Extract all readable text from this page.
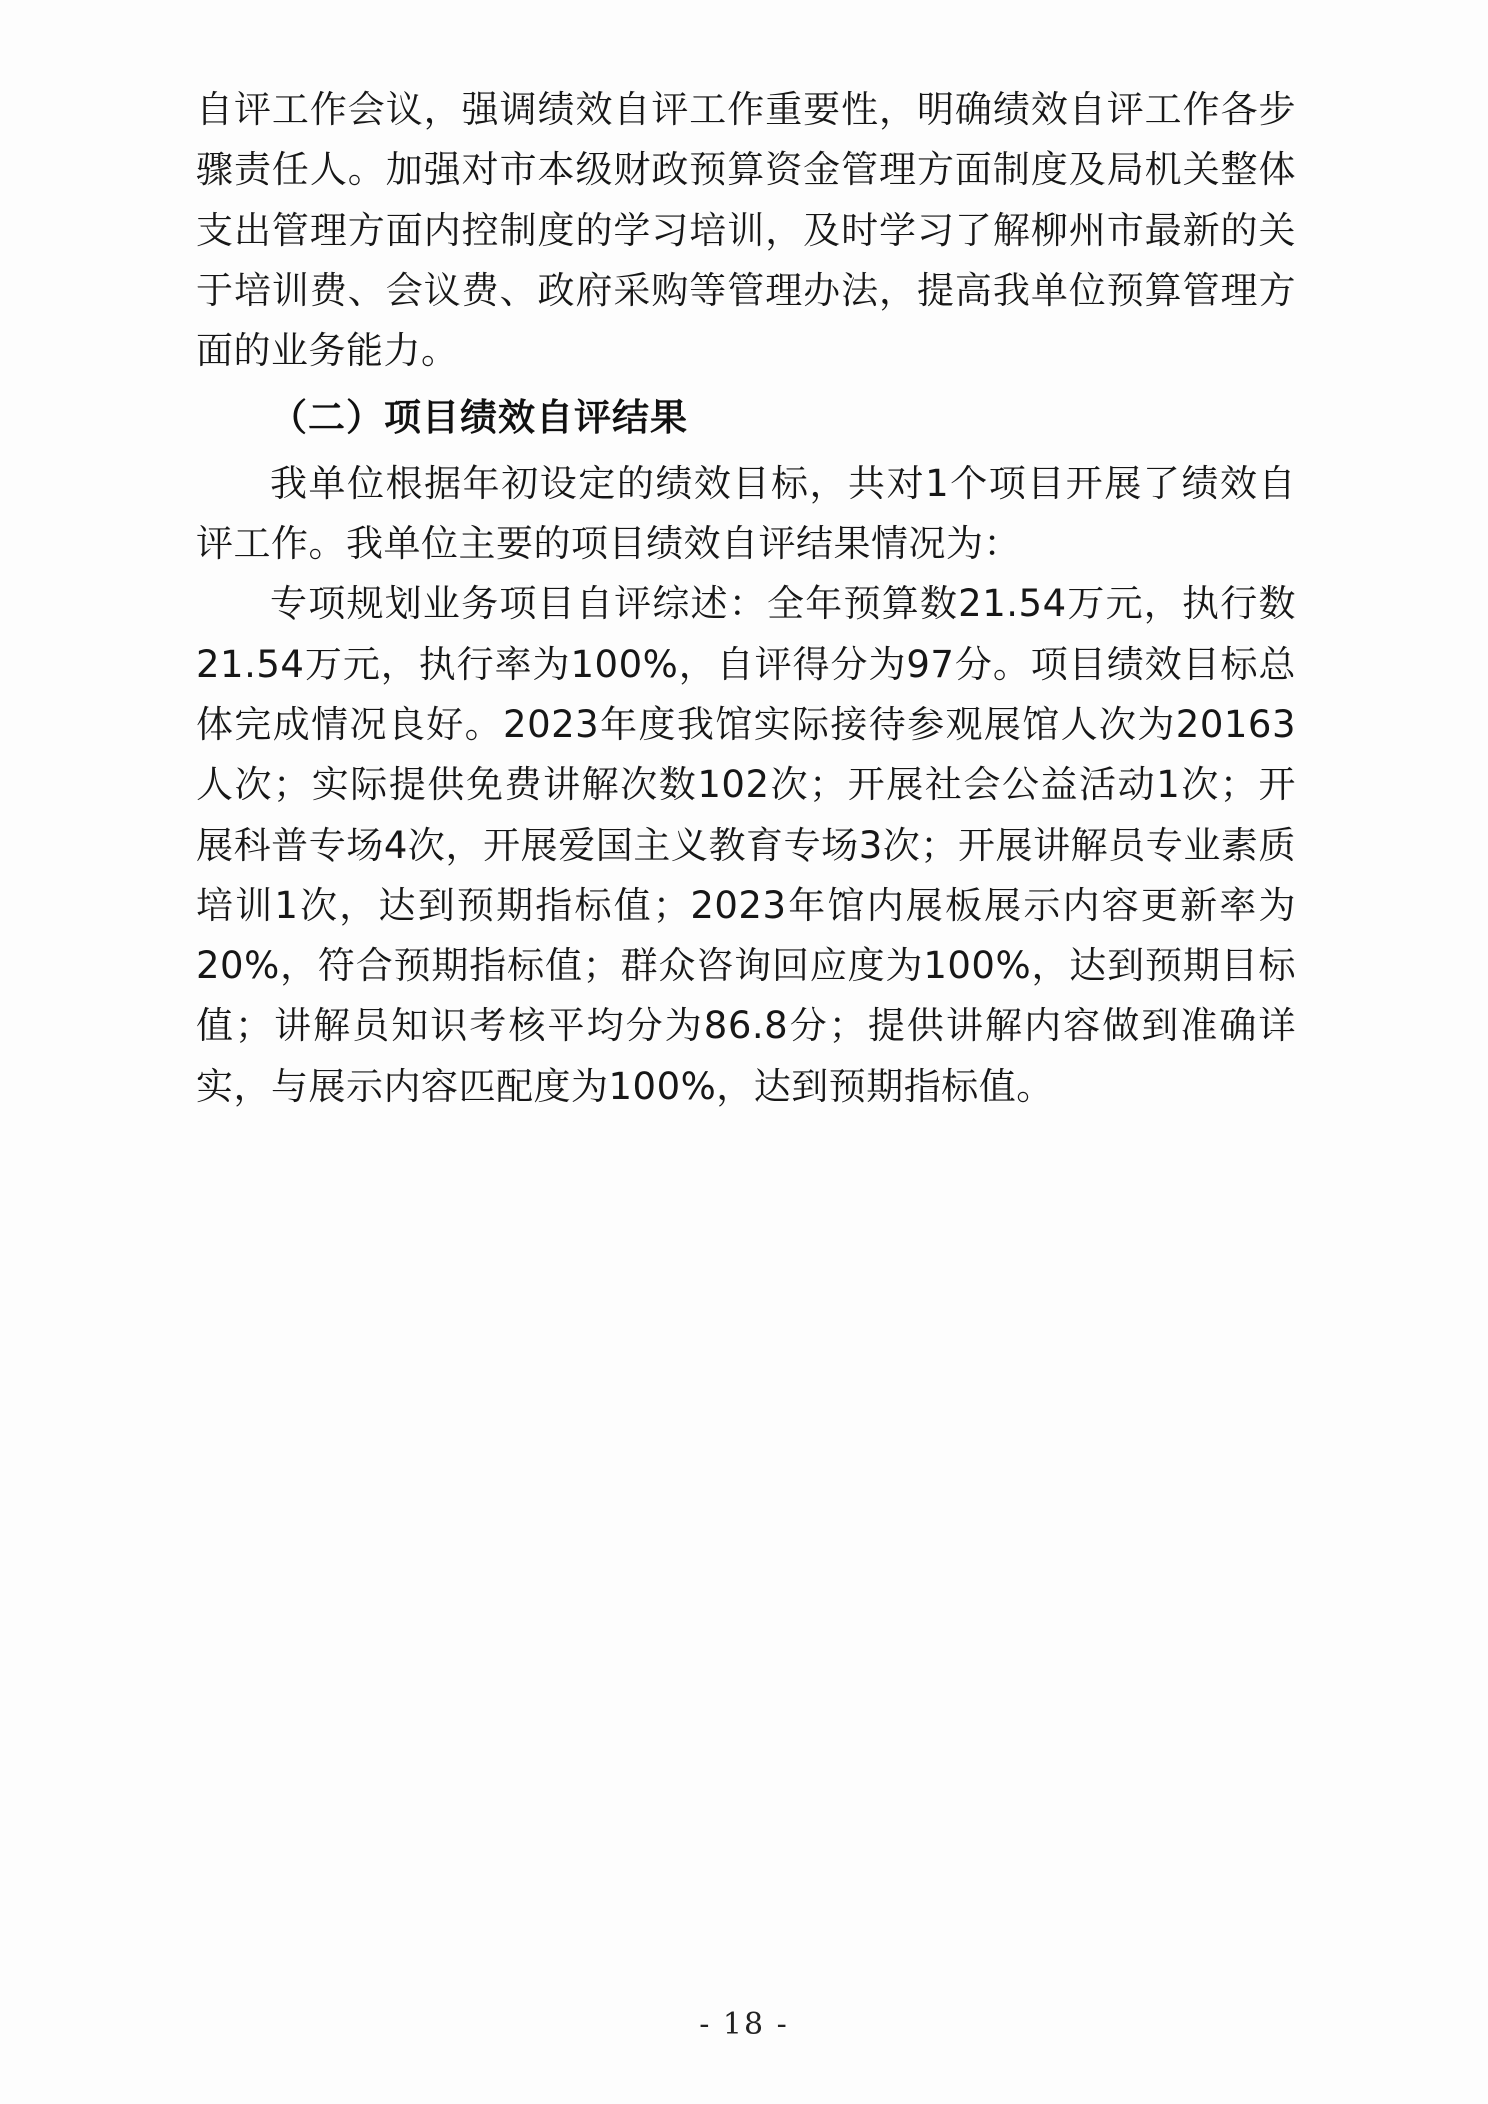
自评工作会议，强调绩效自评工作重要性，明确绩效自评工作各步骤责任人。加强对市本级财政预算资金管理方面制度及局机关整体支出管理方面内控制度的学习培训，及时学习了解柳州市最新的关于培训费、会议费、政府采购等管理办法，提高我单位预算管理方面的业务能力。

（二）项目绩效自评结果

我单位根据年初设定的绩效目标，共对1个项目开展了绩效自评工作。我单位主要的项目绩效自评结果情况为：

专项规划业务项目自评综述：全年预算数21.54万元，执行数21.54万元，执行率为100%，自评得分为97分。项目绩效目标总体完成情况良好。2023年度我馆实际接待参观展馆人次为20163人次；实际提供免费讲解次数102次；开展社会公益活动1次；开展科普专场4次，开展爱国主义教育专场3次；开展讲解员专业素质培训1次，达到预期指标值；2023年馆内展板展示内容更新率为20%，符合预期指标值；群众咨询回应度为100%，达到预期目标值；讲解员知识考核平均分为86.8分；提供讲解内容做到准确详实，与展示内容匹配度为100%，达到预期指标值。

- 18 -
